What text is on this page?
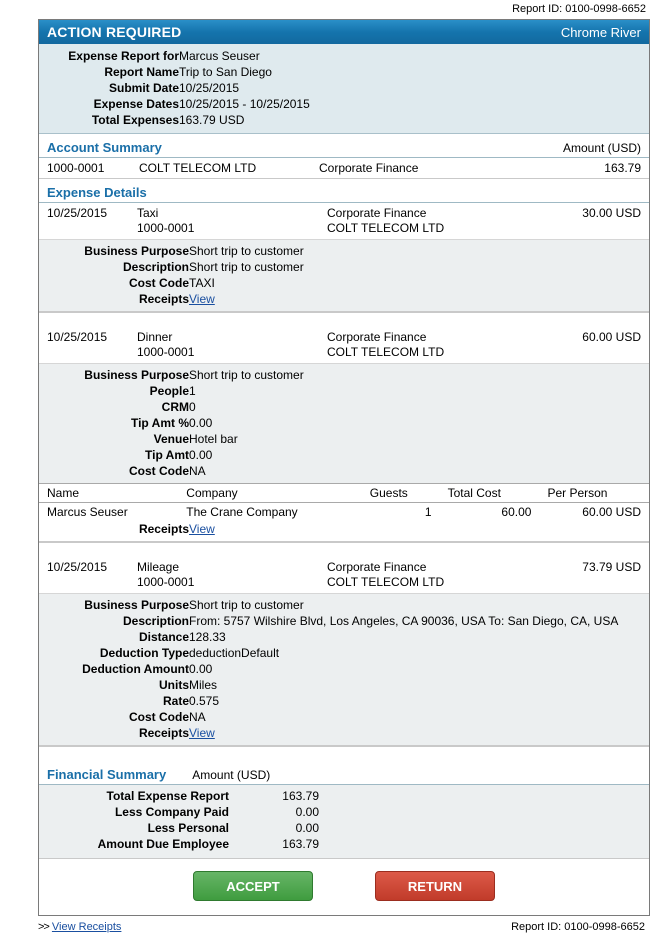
Report ID: 0100-0998-6652
ACTION REQUIRED	Chrome River
Expense Report for	Marcus Seuser
Report Name	Trip to San Diego
Submit Date	10/25/2015
Expense Dates	10/25/2015 - 10/25/2015
Total Expenses	163.79 USD
Account Summary	Amount (USD)
1000-0001	COLT TELECOM LTD	Corporate Finance	163.79
Expense Details
10/25/2015	Taxi	Corporate Finance	30.00 USD
1000-0001	COLT TELECOM LTD
Business Purpose	Short trip to customer
Description	Short trip to customer
Cost Code	TAXI
Receipts	View
10/25/2015	Dinner	Corporate Finance	60.00 USD
1000-0001	COLT TELECOM LTD
Business Purpose	Short trip to customer
People	1
CRM	0
Tip Amt %	0.00
Venue	Hotel bar
Tip Amt	0.00
Cost Code	NA
Name	Company	Guests	Total Cost	Per Person
Marcus Seuser	The Crane Company	1	60.00	60.00 USD
Receipts	View
10/25/2015	Mileage	Corporate Finance	73.79 USD
1000-0001	COLT TELECOM LTD
Business Purpose	Short trip to customer
Description	From: 5757 Wilshire Blvd, Los Angeles, CA 90036, USA To: San Diego, CA, USA
Distance	128.33
Deduction Type	deductionDefault
Deduction Amount	0.00
Units	Miles
Rate	0.575
Cost Code	NA
Receipts	View
Financial Summary Amount (USD)
Total Expense Report	163.79
Less Company Paid	0.00
Less Personal	0.00
Amount Due Employee	163.79
ACCEPT	RETURN
>> View Receipts	Report ID: 0100-0998-6652
